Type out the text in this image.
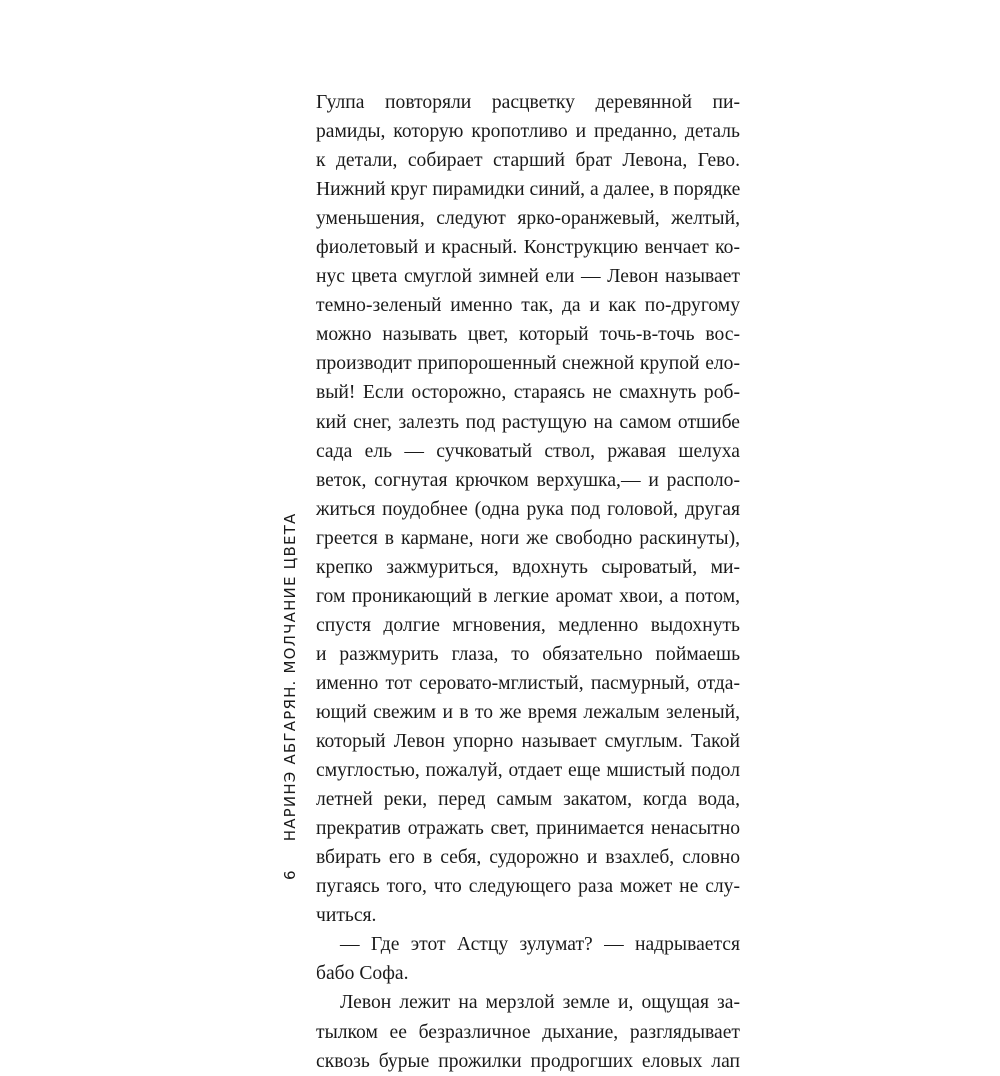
6 НАРИНЭ АБГАРЯН. МОЛЧАНИЕ ЦВЕТА
Гулпа повторяли расцветку деревянной пи-
рамиды, которую кропотливо и преданно, деталь
к детали, собирает старший брат Левона, Гево.
Нижний круг пирамидки синий, а далее, в порядке
уменьшения, следуют ярко-оранжевый, желтый,
фиолетовый и красный. Конструкцию венчает ко-
нус цвета смуглой зимней ели — Левон называет
темно-зеленый именно так, да и как по-другому
можно называть цвет, который точь-в-точь вос-
производит припорошенный снежной крупой ело-
вый! Если осторожно, стараясь не смахнуть роб-
кий снег, залезть под растущую на самом отшибе
сада ель — сучковатый ствол, ржавая шелуха
веток, согнутая крючком верхушка,— и располо-
житься поудобнее (одна рука под головой, другая
греется в кармане, ноги же свободно раскинуты),
крепко зажмуриться, вдохнуть сыроватый, ми-
гом проникающий в легкие аромат хвои, а потом,
спустя долгие мгновения, медленно выдохнуть
и разжмурить глаза, то обязательно поймаешь
именно тот серовато-мглистый, пасмурный, отда-
ющий свежим и в то же время лежалым зеленый,
который Левон упорно называет смуглым. Такой
смуглостью, пожалуй, отдает еще мшистый подол
летней реки, перед самым закатом, когда вода,
прекратив отражать свет, принимается ненасытно
вбирать его в себя, судорожно и взахлеб, словно
пугаясь того, что следующего раза может не слу-
читься.
— Где этот Астцу зулумат? — надрывается
бабо Софа.
Левон лежит на мерзлой земле и, ощущая за-
тылком ее безразличное дыхание, разглядывает
сквозь бурые прожилки продрогших еловых лап
